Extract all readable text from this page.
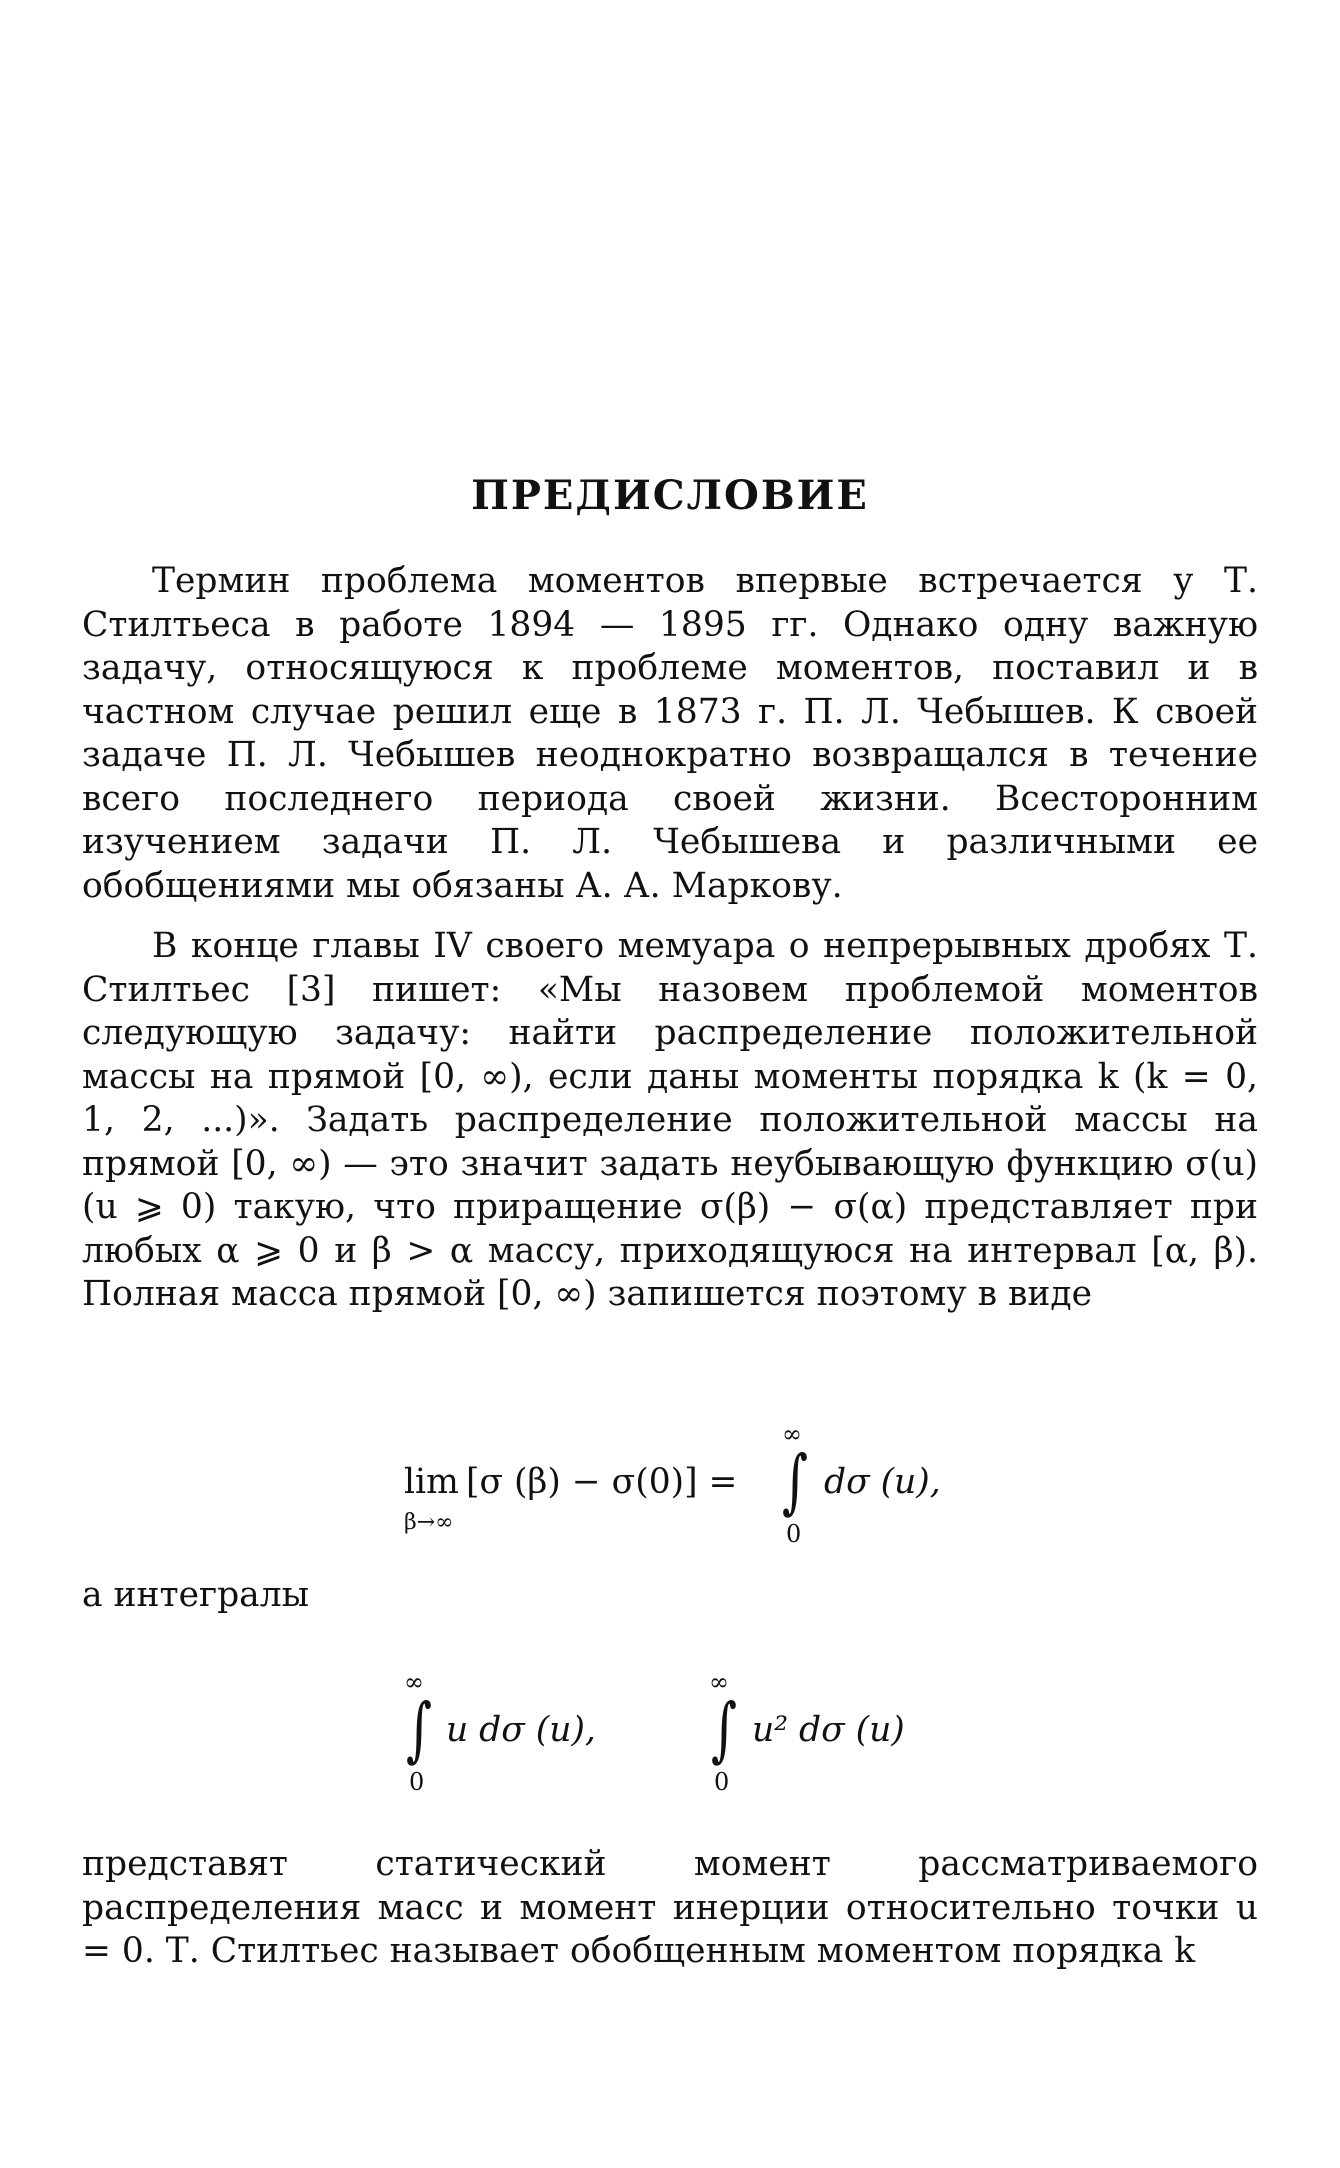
ПРЕДИСЛОВИЕ

Термин проблема моментов впервые встречается у Т. Стилтьеса в работе 1894 — 1895 гг. Однако одну важную задачу, относящуюся к проблеме моментов, поставил и в частном случае решил еще в 1873 г. П. Л. Чебышев. К своей задаче П. Л. Чебышев неоднократно возвращался в течение всего последнего периода своей жизни. Всесторонним изучением задачи П. Л. Чебышева и различными ее обобщениями мы обязаны А. А. Маркову.

В конце главы IV своего мемуара о непрерывных дробях Т. Стилтьес [3] пишет: «Мы назовем проблемой моментов следующую задачу: найти распределение положительной массы на прямой [0, ∞), если даны моменты порядка k (k = 0, 1, 2, ...)». Задать распределение положительной массы на прямой [0, ∞) — это значит задать неубывающую функцию σ(u) (u ⩾ 0) такую, что приращение σ(β) − σ(α) представляет при любых α ⩾ 0 и β > α массу, приходящуюся на интервал [α, β). Полная масса прямой [0, ∞) запишется поэтому в виде

lim
β→∞
[σ (β) − σ(0)] =
∞
∫
0
dσ (u),
а интегралы
∞
∫
0
u dσ (u),
∞
∫
0
u² dσ (u)

представят статический момент рассматриваемого распределения масс и момент инерции относительно точки u = 0. Т. Стилтьес называет обобщенным моментом порядка k
